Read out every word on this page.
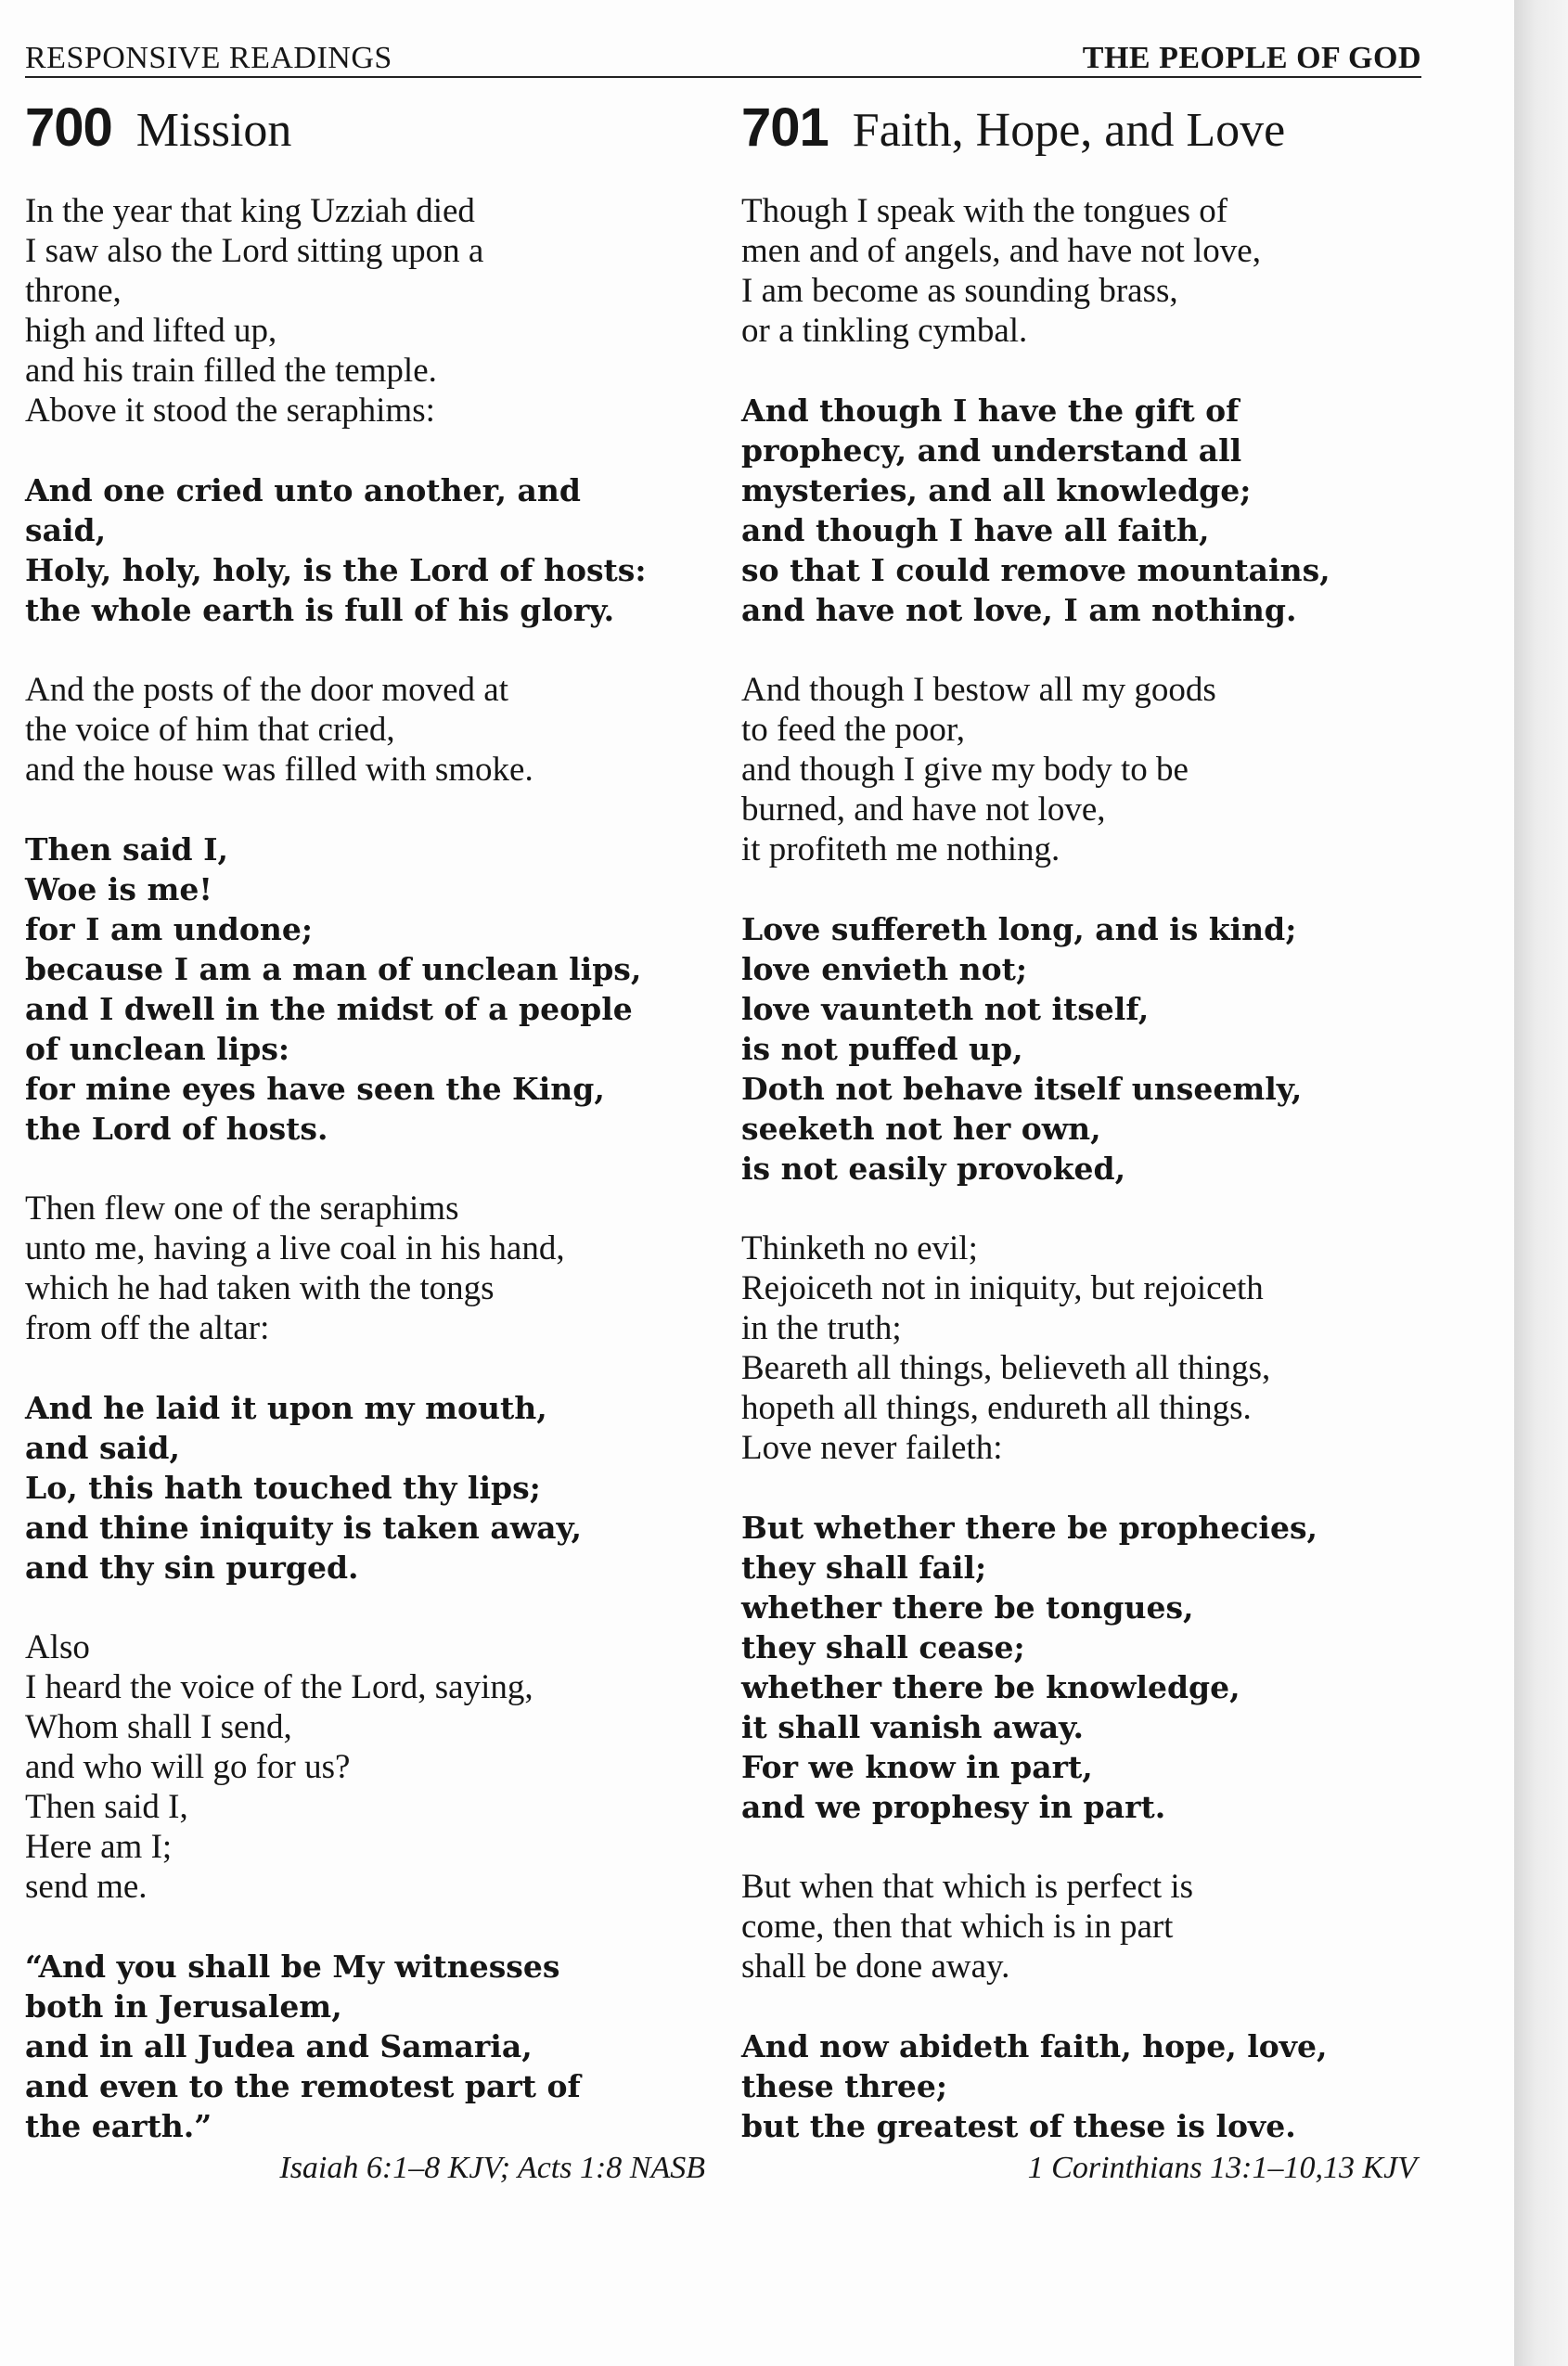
RESPONSIVE READINGS	THE PEOPLE OF GOD
700 Mission
In the year that king Uzziah died
I saw also the Lord sitting upon a
throne,
high and lifted up,
and his train filled the temple.
Above it stood the seraphims:
And one cried unto another, and
said,
Holy, holy, holy, is the Lord of hosts:
the whole earth is full of his glory.
And the posts of the door moved at
the voice of him that cried,
and the house was filled with smoke.
Then said I,
Woe is me!
for I am undone;
because I am a man of unclean lips,
and I dwell in the midst of a people
of unclean lips:
for mine eyes have seen the King,
the Lord of hosts.
Then flew one of the seraphims
unto me, having a live coal in his hand,
which he had taken with the tongs
from off the altar:
And he laid it upon my mouth,
and said,
Lo, this hath touched thy lips;
and thine iniquity is taken away,
and thy sin purged.
Also
I heard the voice of the Lord, saying,
Whom shall I send,
and who will go for us?
Then said I,
Here am I;
send me.
“And you shall be My witnesses
both in Jerusalem,
and in all Judea and Samaria,
and even to the remotest part of
the earth.”
Isaiah 6:1–8 KJV; Acts 1:8 NASB
701 Faith, Hope, and Love
Though I speak with the tongues of
men and of angels, and have not love,
I am become as sounding brass,
or a tinkling cymbal.
And though I have the gift of
prophecy, and understand all
mysteries, and all knowledge;
and though I have all faith,
so that I could remove mountains,
and have not love, I am nothing.
And though I bestow all my goods
to feed the poor,
and though I give my body to be
burned, and have not love,
it profiteth me nothing.
Love suffereth long, and is kind;
love envieth not;
love vaunteth not itself,
is not puffed up,
Doth not behave itself unseemly,
seeketh not her own,
is not easily provoked,
Thinketh no evil;
Rejoiceth not in iniquity, but rejoiceth
in the truth;
Beareth all things, believeth all things,
hopeth all things, endureth all things.
Love never faileth:
But whether there be prophecies,
they shall fail;
whether there be tongues,
they shall cease;
whether there be knowledge,
it shall vanish away.
For we know in part,
and we prophesy in part.
But when that which is perfect is
come, then that which is in part
shall be done away.
And now abideth faith, hope, love,
these three;
but the greatest of these is love.
1 Corinthians 13:1–10,13 KJV
